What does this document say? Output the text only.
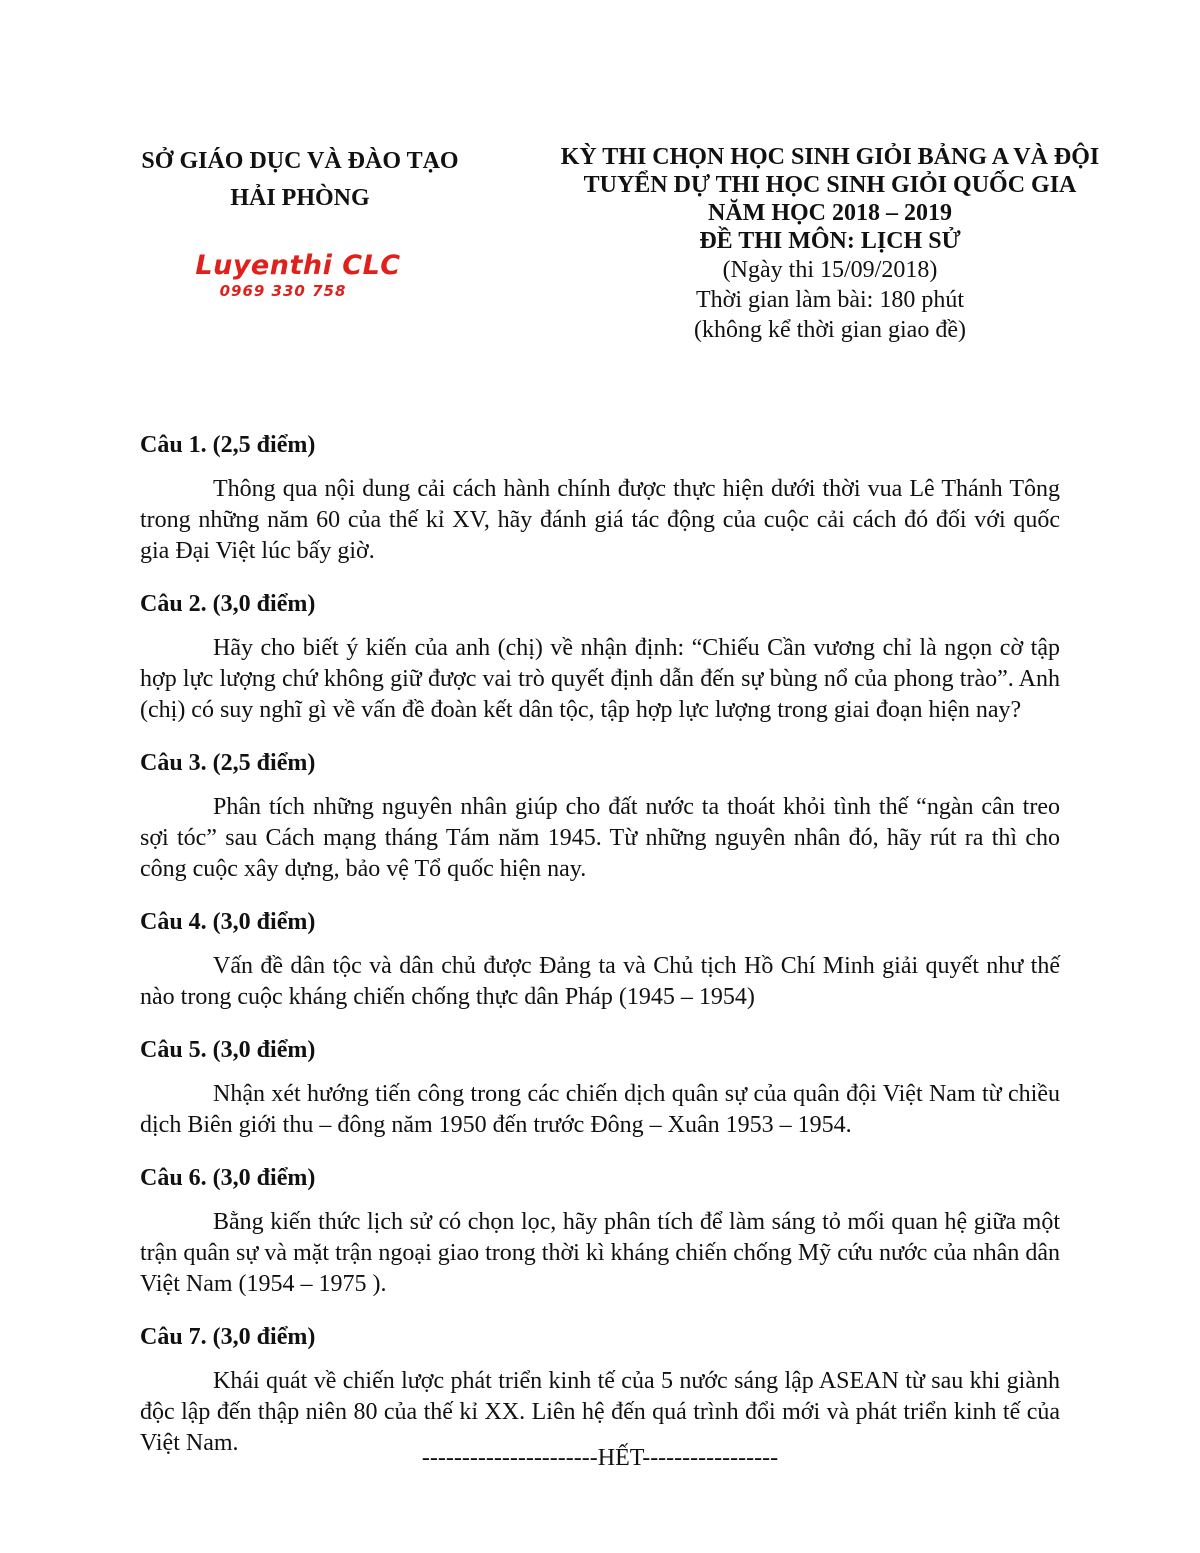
SỞ GIÁO DỤC VÀ ĐÀO TẠO
HẢI PHÒNG
Luyenthi CLC
0969 330 758
KỲ THI CHỌN HỌC SINH GIỎI BẢNG A VÀ ĐỘI
TUYỂN DỰ THI HỌC SINH GIỎI QUỐC GIA
NĂM HỌC 2018 – 2019
ĐỀ THI MÔN: LỊCH SỬ
(Ngày thi 15/09/2018)
Thời gian làm bài: 180 phút
(không kể thời gian giao đề)
Câu 1. (2,5 điểm)

Thông qua nội dung cải cách hành chính được thực hiện dưới thời vua Lê Thánh Tông trong những năm 60 của thế kỉ XV, hãy đánh giá tác động của cuộc cải cách đó đối với quốc gia Đại Việt lúc bấy giờ.

Câu 2. (3,0 điểm)

Hãy cho biết ý kiến của anh (chị) về nhận định: “Chiếu Cần vương chỉ là ngọn cờ tập hợp lực lượng chứ không giữ được vai trò quyết định dẫn đến sự bùng nổ của phong trào”. Anh (chị) có suy nghĩ gì về vấn đề đoàn kết dân tộc, tập hợp lực lượng trong giai đoạn hiện nay?

Câu 3. (2,5 điểm)

Phân tích những nguyên nhân giúp cho đất nước ta thoát khỏi tình thế “ngàn cân treo sợi tóc” sau Cách mạng tháng Tám năm 1945. Từ những nguyên nhân đó, hãy rút ra thì cho công cuộc xây dựng, bảo vệ Tổ quốc hiện nay.

Câu 4. (3,0 điểm)

Vấn đề dân tộc và dân chủ được Đảng ta và Chủ tịch Hồ Chí Minh giải quyết như thế nào trong cuộc kháng chiến chống thực dân Pháp (1945 – 1954)

Câu 5. (3,0 điểm)

Nhận xét hướng tiến công trong các chiến dịch quân sự của quân đội Việt Nam từ chiều dịch Biên giới thu – đông năm 1950 đến trước Đông – Xuân 1953 – 1954.

Câu 6. (3,0 điểm)

Bằng kiến thức lịch sử có chọn lọc, hãy phân tích để làm sáng tỏ mối quan hệ giữa một trận quân sự và mặt trận ngoại giao trong thời kì kháng chiến chống Mỹ cứu nước của nhân dân Việt Nam (1954 – 1975 ).

Câu 7. (3,0 điểm)

Khái quát về chiến lược phát triển kinh tế của 5 nước sáng lập ASEAN từ sau khi giành độc lập đến thập niên 80 của thế kỉ XX. Liên hệ đến quá trình đổi mới và phát triển kinh tế của Việt Nam.

----------------------HẾT-----------------
